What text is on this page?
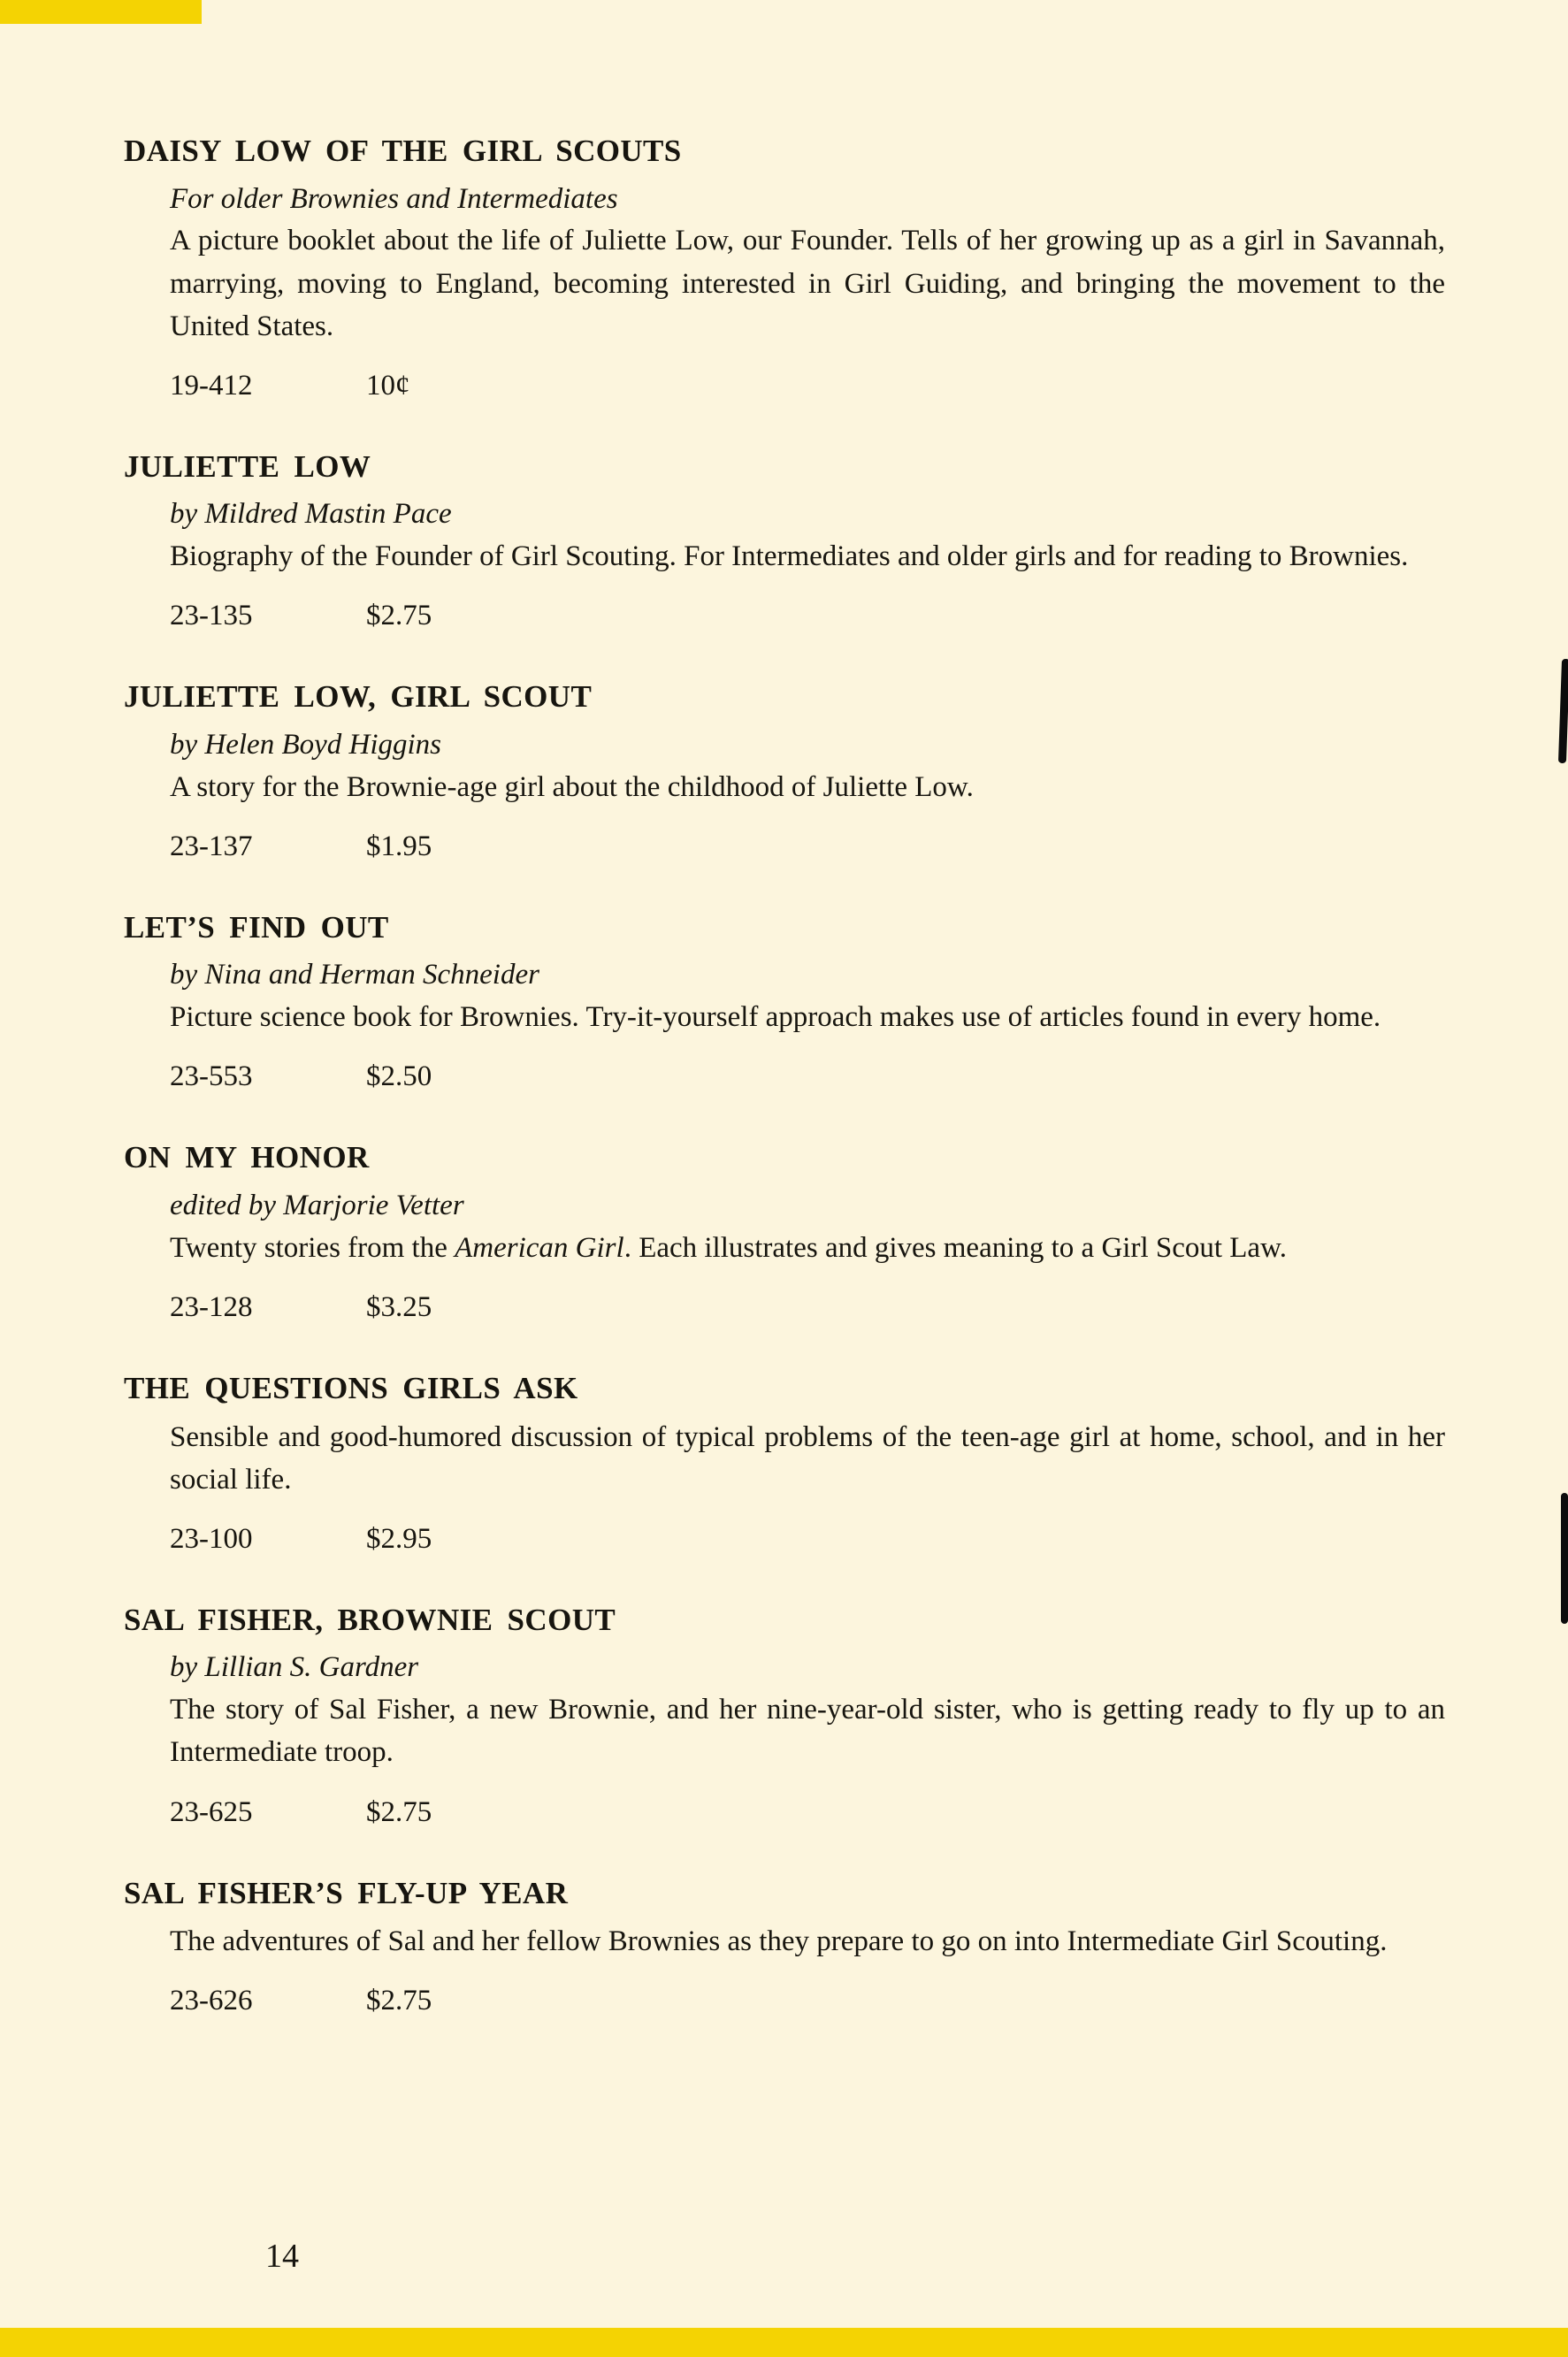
DAISY LOW OF THE GIRL SCOUTS

For older Brownies and Intermediates

A picture booklet about the life of Juliette Low, our Founder. Tells of her growing up as a girl in Savannah, marrying, moving to England, becoming interested in Girl Guiding, and bringing the movement to the United States.

19-412	10¢

JULIETTE LOW

by Mildred Mastin Pace

Biography of the Founder of Girl Scouting. For Intermediates and older girls and for reading to Brownies.

23-135	$2.75

JULIETTE LOW, GIRL SCOUT

by Helen Boyd Higgins

A story for the Brownie-age girl about the childhood of Juliette Low.

23-137	$1.95

LET’S FIND OUT

by Nina and Herman Schneider

Picture science book for Brownies. Try-it-yourself approach makes use of articles found in every home.

23-553	$2.50

ON MY HONOR

edited by Marjorie Vetter

Twenty stories from the American Girl. Each illustrates and gives meaning to a Girl Scout Law.

23-128	$3.25

THE QUESTIONS GIRLS ASK

Sensible and good-humored discussion of typical problems of the teen-age girl at home, school, and in her social life.

23-100	$2.95

SAL FISHER, BROWNIE SCOUT

by Lillian S. Gardner

The story of Sal Fisher, a new Brownie, and her nine-year-old sister, who is getting ready to fly up to an Intermediate troop.

23-625	$2.75

SAL FISHER’S FLY-UP YEAR

The adventures of Sal and her fellow Brownies as they prepare to go on into Intermediate Girl Scouting.

23-626	$2.75

14
